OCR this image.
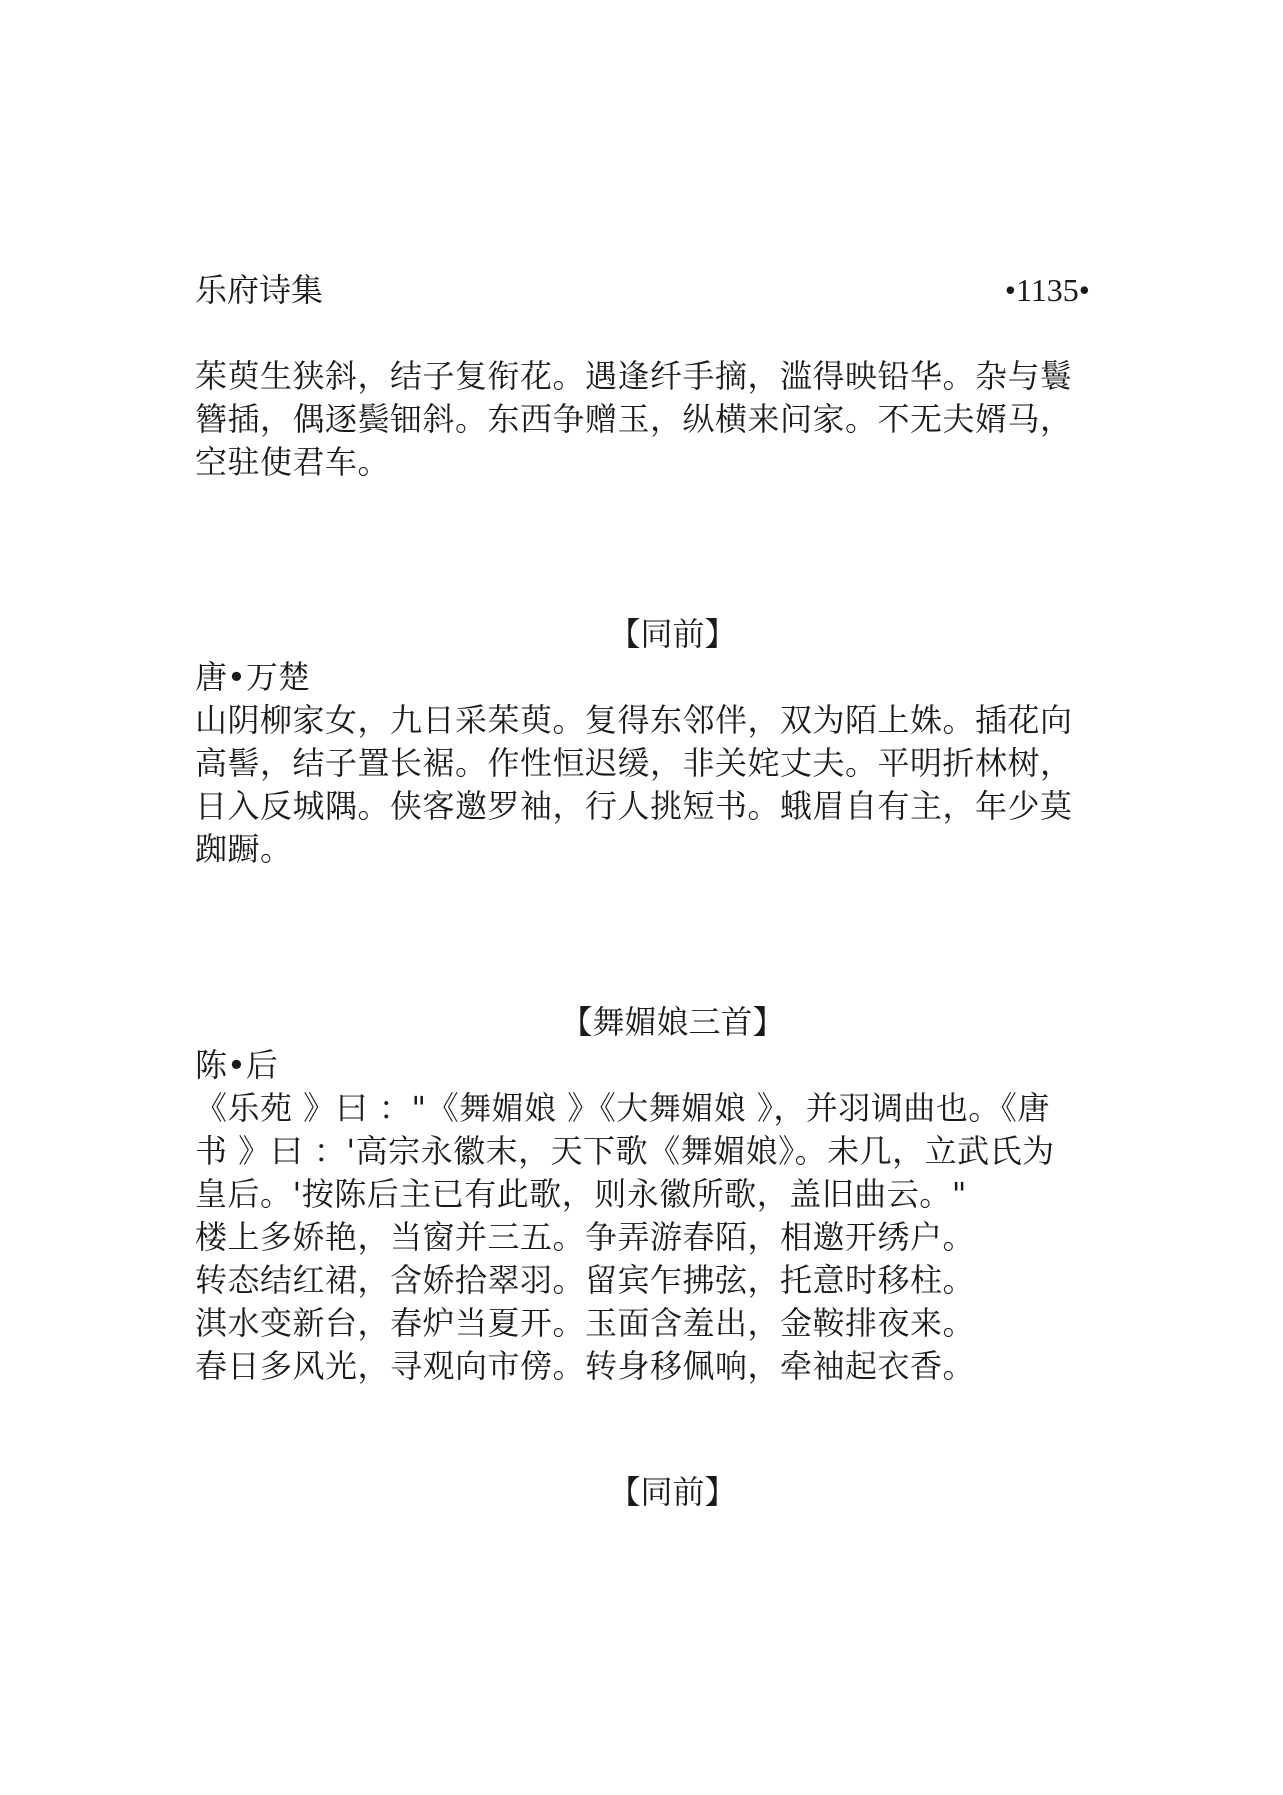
乐府诗集	•1135•

茱萸生狭斜，结子复衔花。遇逢纤手摘，滥得映铅华。杂与鬟

簪插，偶逐鬓钿斜。东西争赠玉，纵横来问家。不无夫婿马，

空驻使君车。

【同前】
唐•万楚

山阴柳家女，九日采茱萸。复得东邻伴，双为陌上姝。插花向

高髻，结子置长裾。作性恒迟缓，非关姹丈夫。平明折林树，

日入反城隅。侠客邀罗袖，行人挑短书。蛾眉自有主，年少莫

踟蹰。

【舞媚娘三首】
陈•后

《乐苑 》曰 ："《舞媚娘 》《大舞媚娘 》，并羽调曲也。《唐

书 》曰 ：'高宗永徽末，天下歌《舞媚娘》。未几，立武氏为

皇后。'按陈后主已有此歌，则永徽所歌，盖旧曲云。"

楼上多娇艳，当窗并三五。争弄游春陌，相邀开绣户。

转态结红裙，含娇拾翠羽。留宾乍拂弦，托意时移柱。

淇水变新台，春炉当夏开。玉面含羞出，金鞍排夜来。

春日多风光，寻观向市傍。转身移佩响，牵袖起衣香。

【同前】
